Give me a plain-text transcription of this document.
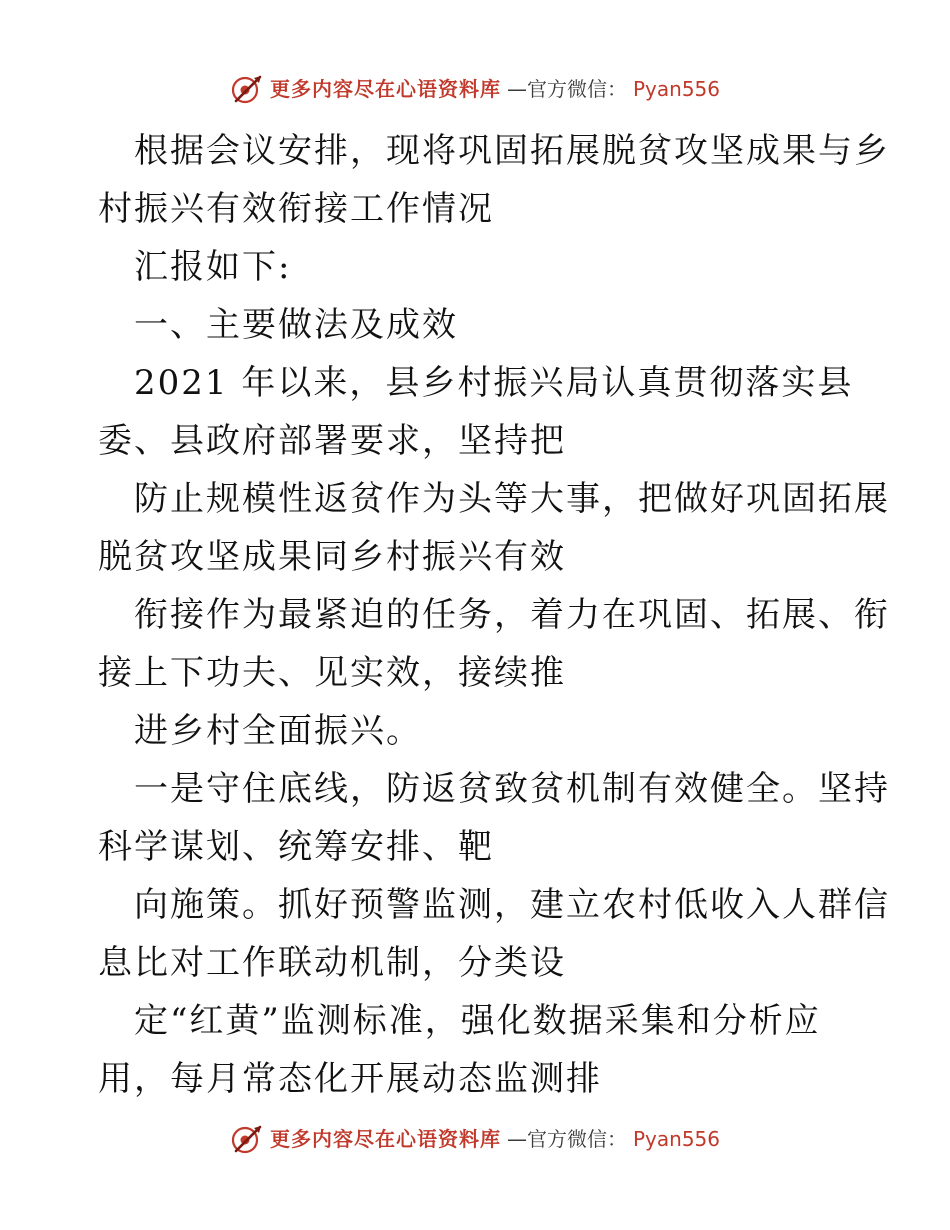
更多内容尽在心语资料库 —官方微信： Pyan556

根据会议安排，现将巩固拓展脱贫攻坚成果与乡

村振兴有效衔接工作情况

汇报如下:

一、主要做法及成效

2021 年以来，县乡村振兴局认真贯彻落实县

委、县政府部署要求，坚持把

防止规模性返贫作为头等大事，把做好巩固拓展

脱贫攻坚成果同乡村振兴有效

衔接作为最紧迫的任务，着力在巩固、拓展、衔

接上下功夫、见实效，接续推

进乡村全面振兴。

一是守住底线，防返贫致贫机制有效健全。坚持

科学谋划、统筹安排、靶

向施策。抓好预警监测，建立农村低收入人群信

息比对工作联动机制，分类设

定“红黄”监测标准，强化数据采集和分析应

用，每月常态化开展动态监测排

更多内容尽在心语资料库 —官方微信： Pyan556
